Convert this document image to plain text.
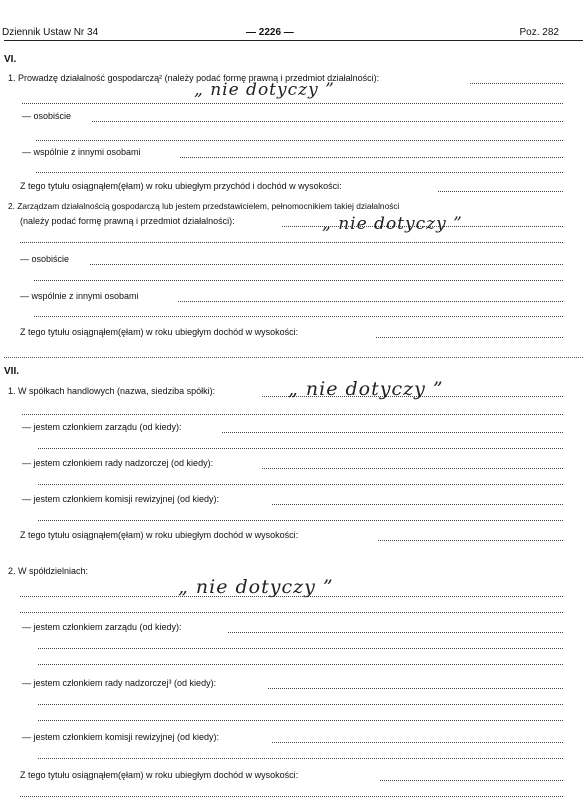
Dziennik Ustaw Nr 34	— 2226 —	Poz. 282
VI.
1. Prowadzę działalność gospodarczą² (należy podać formę prawną i przedmiot działalności):
„ nie dotyczy ”
— osobiście
— wspólnie z innymi osobami
Z tego tytułu osiągnąłem(ęłam) w roku ubiegłym przychód i dochód w wysokości:
2. Zarządzam działalnością gospodarczą lub jestem przedstawicielem, pełnomocnikiem takiej działalności
(należy podać formę prawną i przedmiot działalności):	„ nie dotyczy ”
— osobiście
— wspólnie z innymi osobami
Z tego tytułu osiągnąłem(ęłam) w roku ubiegłym dochód w wysokości:
VII.
1. W spółkach handlowych (nazwa, siedziba spółki):	„ nie dotyczy ”
— jestem członkiem zarządu (od kiedy):
— jestem członkiem rady nadzorczej (od kiedy):
— jestem członkiem komisji rewizyjnej (od kiedy):
Z tego tytułu osiągnąłem(ęłam) w roku ubiegłym dochód w wysokości:
2. W spółdzielniach:
„ nie dotyczy ”
— jestem członkiem zarządu (od kiedy):
— jestem członkiem rady nadzorczej³ (od kiedy):
— jestem członkiem komisji rewizyjnej (od kiedy):
Z tego tytułu osiągnąłem(ęłam) w roku ubiegłym dochód w wysokości:
